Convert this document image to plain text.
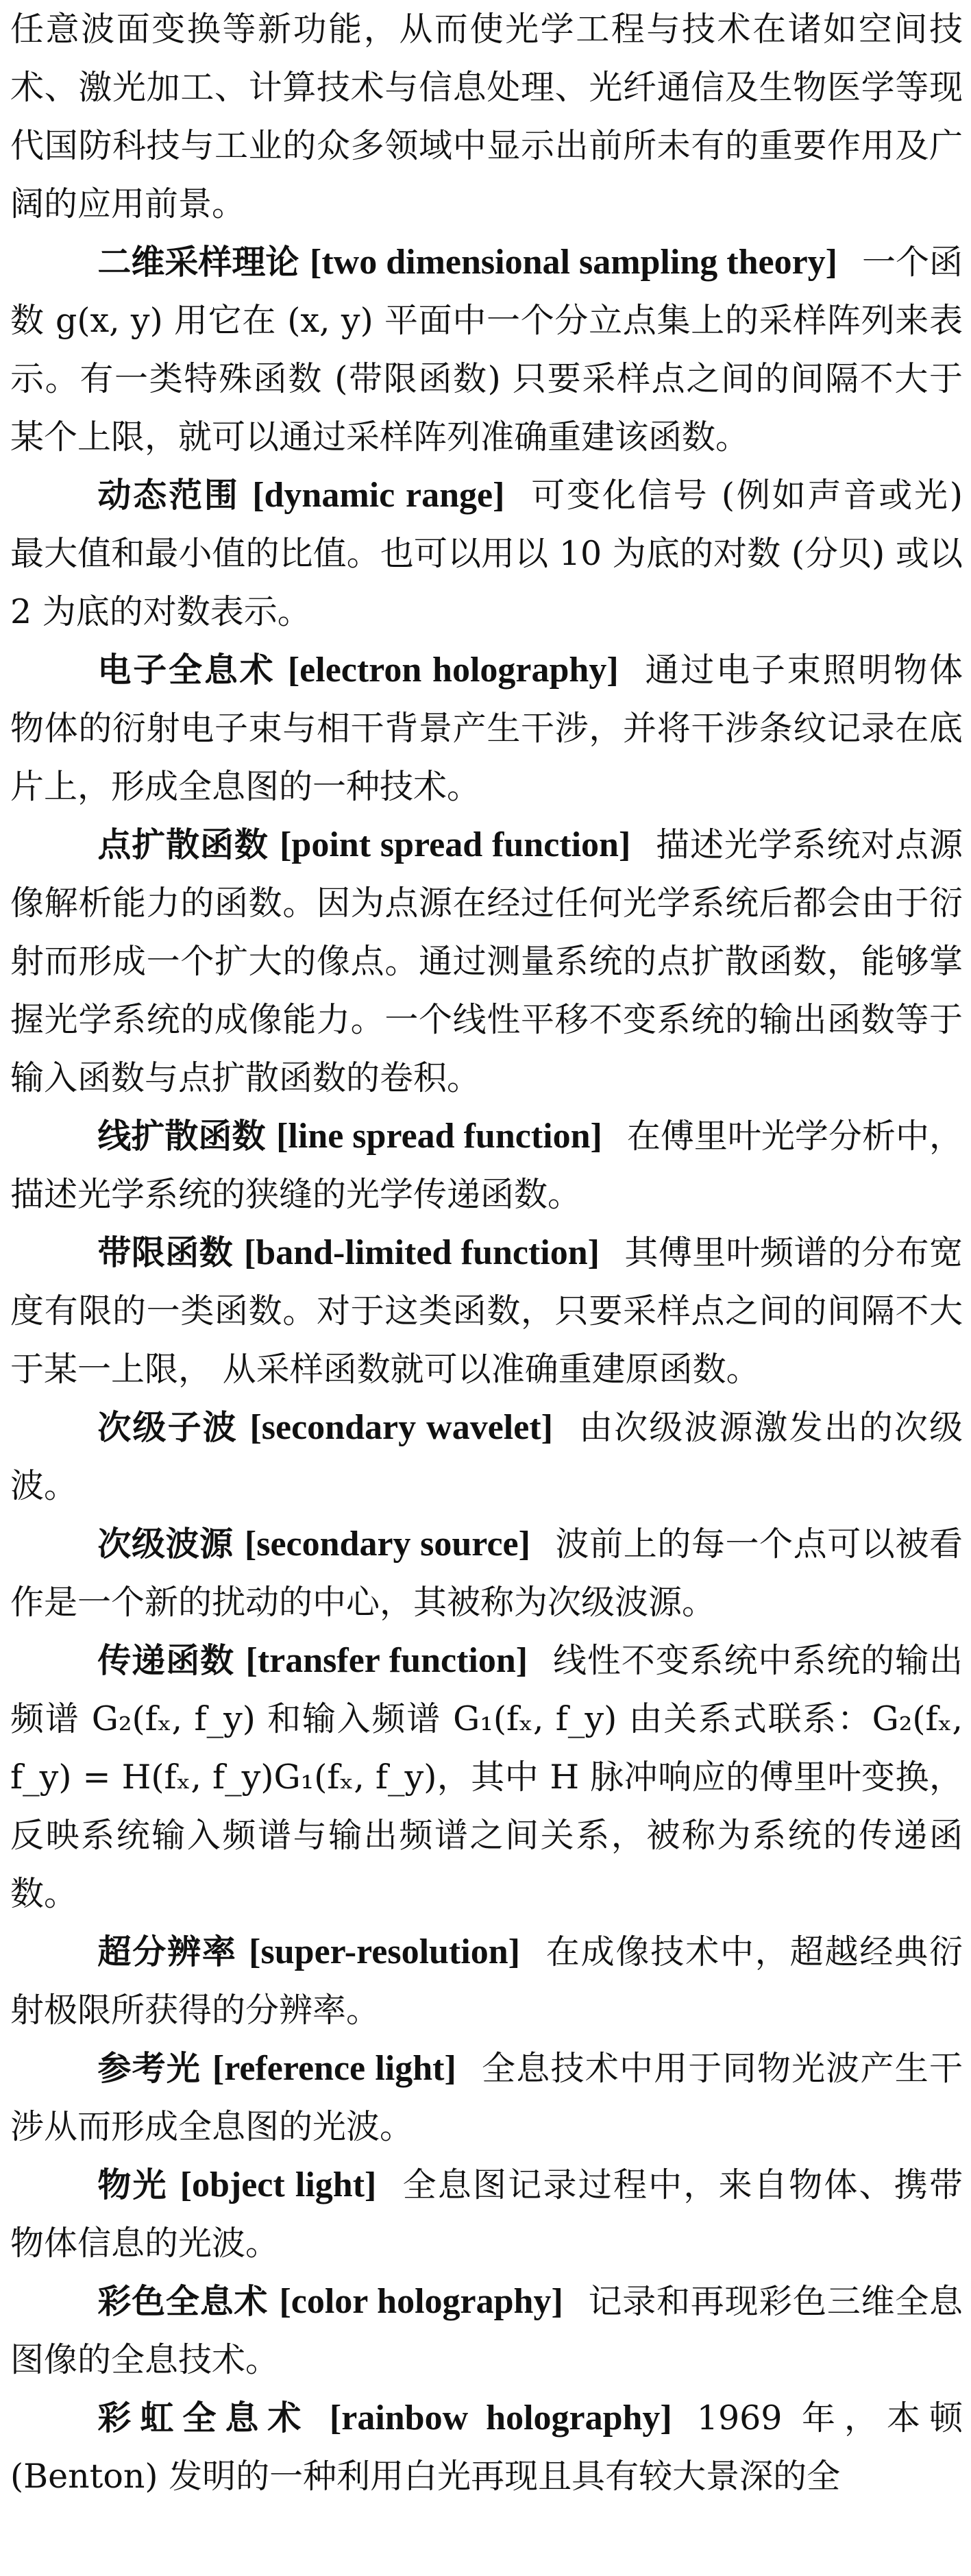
任意波面变换等新功能，从而使光学工程与技术在诸如空间技术、激光加工、计算技术与信息处理、光纤通信及生物医学等现代国防科技与工业的众多领域中显示出前所未有的重要作用及广阔的应用前景。

二维采样理论 [two dimensional sampling theory] 一个函数 g(x, y) 用它在 (x, y) 平面中一个分立点集上的采样阵列来表示。有一类特殊函数 (带限函数) 只要采样点之间的间隔不大于某个上限，就可以通过采样阵列准确重建该函数。

动态范围 [dynamic range] 可变化信号 (例如声音或光) 最大值和最小值的比值。也可以用以 10 为底的对数 (分贝) 或以 2 为底的对数表示。

电子全息术 [electron holography] 通过电子束照明物体物体的衍射电子束与相干背景产生干涉，并将干涉条纹记录在底片上，形成全息图的一种技术。

点扩散函数 [point spread function] 描述光学系统对点源像解析能力的函数。因为点源在经过任何光学系统后都会由于衍射而形成一个扩大的像点。通过测量系统的点扩散函数，能够掌握光学系统的成像能力。一个线性平移不变系统的输出函数等于输入函数与点扩散函数的卷积。

线扩散函数 [line spread function] 在傅里叶光学分析中，描述光学系统的狭缝的光学传递函数。

带限函数 [band-limited function] 其傅里叶频谱的分布宽度有限的一类函数。对于这类函数，只要采样点之间的间隔不大于某一上限， 从采样函数就可以准确重建原函数。

次级子波 [secondary wavelet] 由次级波源激发出的次级波。

次级波源 [secondary source] 波前上的每一个点可以被看作是一个新的扰动的中心，其被称为次级波源。

传递函数 [transfer function] 线性不变系统中系统的输出频谱 G₂(fₓ, f_y) 和输入频谱 G₁(fₓ, f_y) 由关系式联系：G₂(fₓ, f_y) = H(fₓ, f_y)G₁(fₓ, f_y)，其中 H 脉冲响应的傅里叶变换，反映系统输入频谱与输出频谱之间关系，被称为系统的传递函数。

超分辨率 [super-resolution] 在成像技术中，超越经典衍射极限所获得的分辨率。

参考光 [reference light] 全息技术中用于同物光波产生干涉从而形成全息图的光波。

物光 [object light] 全息图记录过程中，来自物体、携带物体信息的光波。

彩色全息术 [color holography] 记录和再现彩色三维全息图像的全息技术。

彩虹全息术 [rainbow holography] 1969 年，本顿 (Benton) 发明的一种利用白光再现且具有较大景深的全
